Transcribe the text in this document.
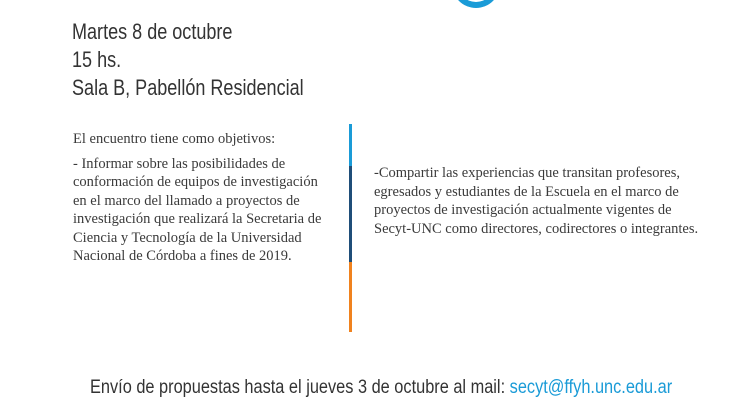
Martes 8 de octubre
15 hs.
Sala B, Pabellón Residencial
El encuentro tiene como objetivos:
- Informar sobre las posibilidades de conformación de equipos de investigación en el marco del llamado a proyectos de investigación que realizará la Secretaria de Ciencia y Tecnología de la Universidad Nacional de Córdoba a fines de 2019.
-Compartir las experiencias que transitan profesores, egresados y estudiantes de la Escuela en el marco de proyectos de investigación actualmente vigentes de Secyt-UNC como directores, codirectores o integrantes.
Envío de propuestas hasta el jueves 3 de octubre al mail: secyt@ffyh.unc.edu.ar
